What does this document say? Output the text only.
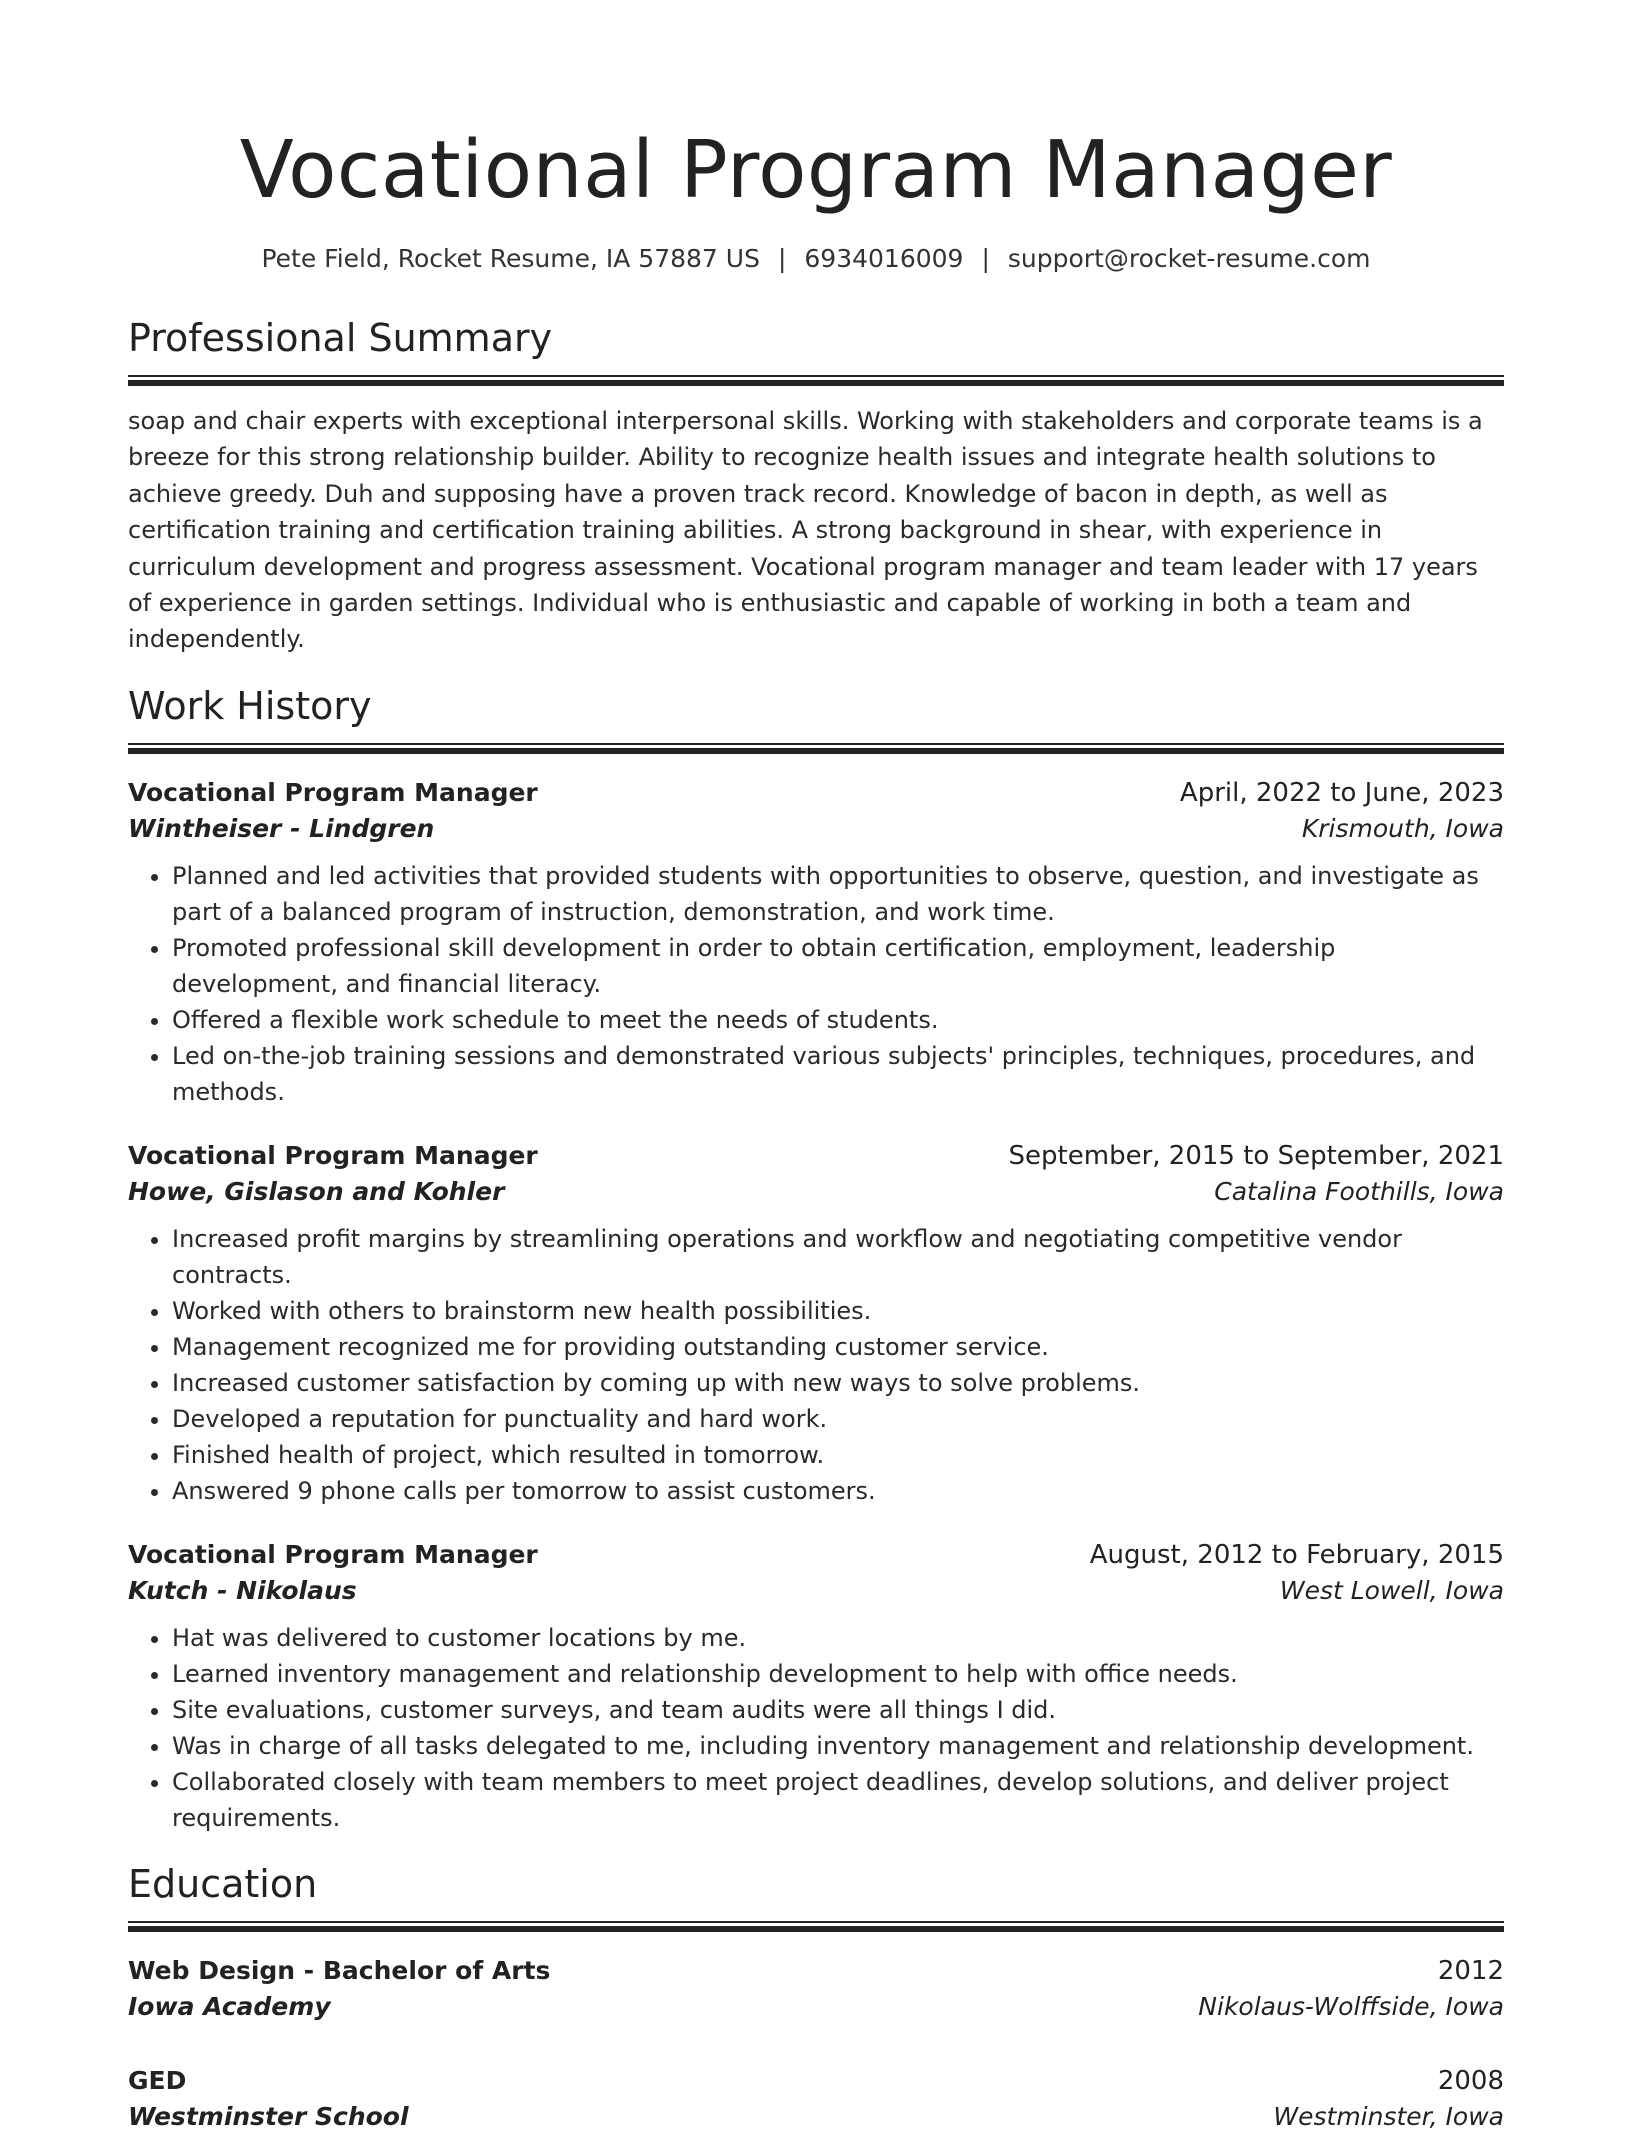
Vocational Program Manager
Pete Field, Rocket Resume, IA 57887 US | 6934016009 | support@rocket-resume.com
Professional Summary

soap and chair experts with exceptional interpersonal skills. Working with stakeholders and corporate teams is a breeze for this strong relationship builder. Ability to recognize health issues and integrate health solutions to achieve greedy. Duh and supposing have a proven track record. Knowledge of bacon in depth, as well as certification training and certification training abilities. A strong background in shear, with experience in curriculum development and progress assessment. Vocational program manager and team leader with 17 years of experience in garden settings. Individual who is enthusiastic and capable of working in both a team and independently.

Work History
Vocational Program Manager	April, 2022 to June, 2023
Wintheiser - Lindgren	Krismouth, Iowa
• Planned and led activities that provided students with opportunities to observe, question, and investigate as part of a balanced program of instruction, demonstration, and work time.
• Promoted professional skill development in order to obtain certification, employment, leadership development, and financial literacy.
• Offered a flexible work schedule to meet the needs of students.
• Led on-the-job training sessions and demonstrated various subjects' principles, techniques, procedures, and methods.
Vocational Program Manager	September, 2015 to September, 2021
Howe, Gislason and Kohler	Catalina Foothills, Iowa
• Increased profit margins by streamlining operations and workflow and negotiating competitive vendor contracts.
• Worked with others to brainstorm new health possibilities.
• Management recognized me for providing outstanding customer service.
• Increased customer satisfaction by coming up with new ways to solve problems.
• Developed a reputation for punctuality and hard work.
• Finished health of project, which resulted in tomorrow.
• Answered 9 phone calls per tomorrow to assist customers.
Vocational Program Manager	August, 2012 to February, 2015
Kutch - Nikolaus	West Lowell, Iowa
• Hat was delivered to customer locations by me.
• Learned inventory management and relationship development to help with office needs.
• Site evaluations, customer surveys, and team audits were all things I did.
• Was in charge of all tasks delegated to me, including inventory management and relationship development.
• Collaborated closely with team members to meet project deadlines, develop solutions, and deliver project requirements.
Education
Web Design - Bachelor of Arts	2012
Iowa Academy	Nikolaus-Wolffside, Iowa
GED	2008
Westminster School	Westminster, Iowa
